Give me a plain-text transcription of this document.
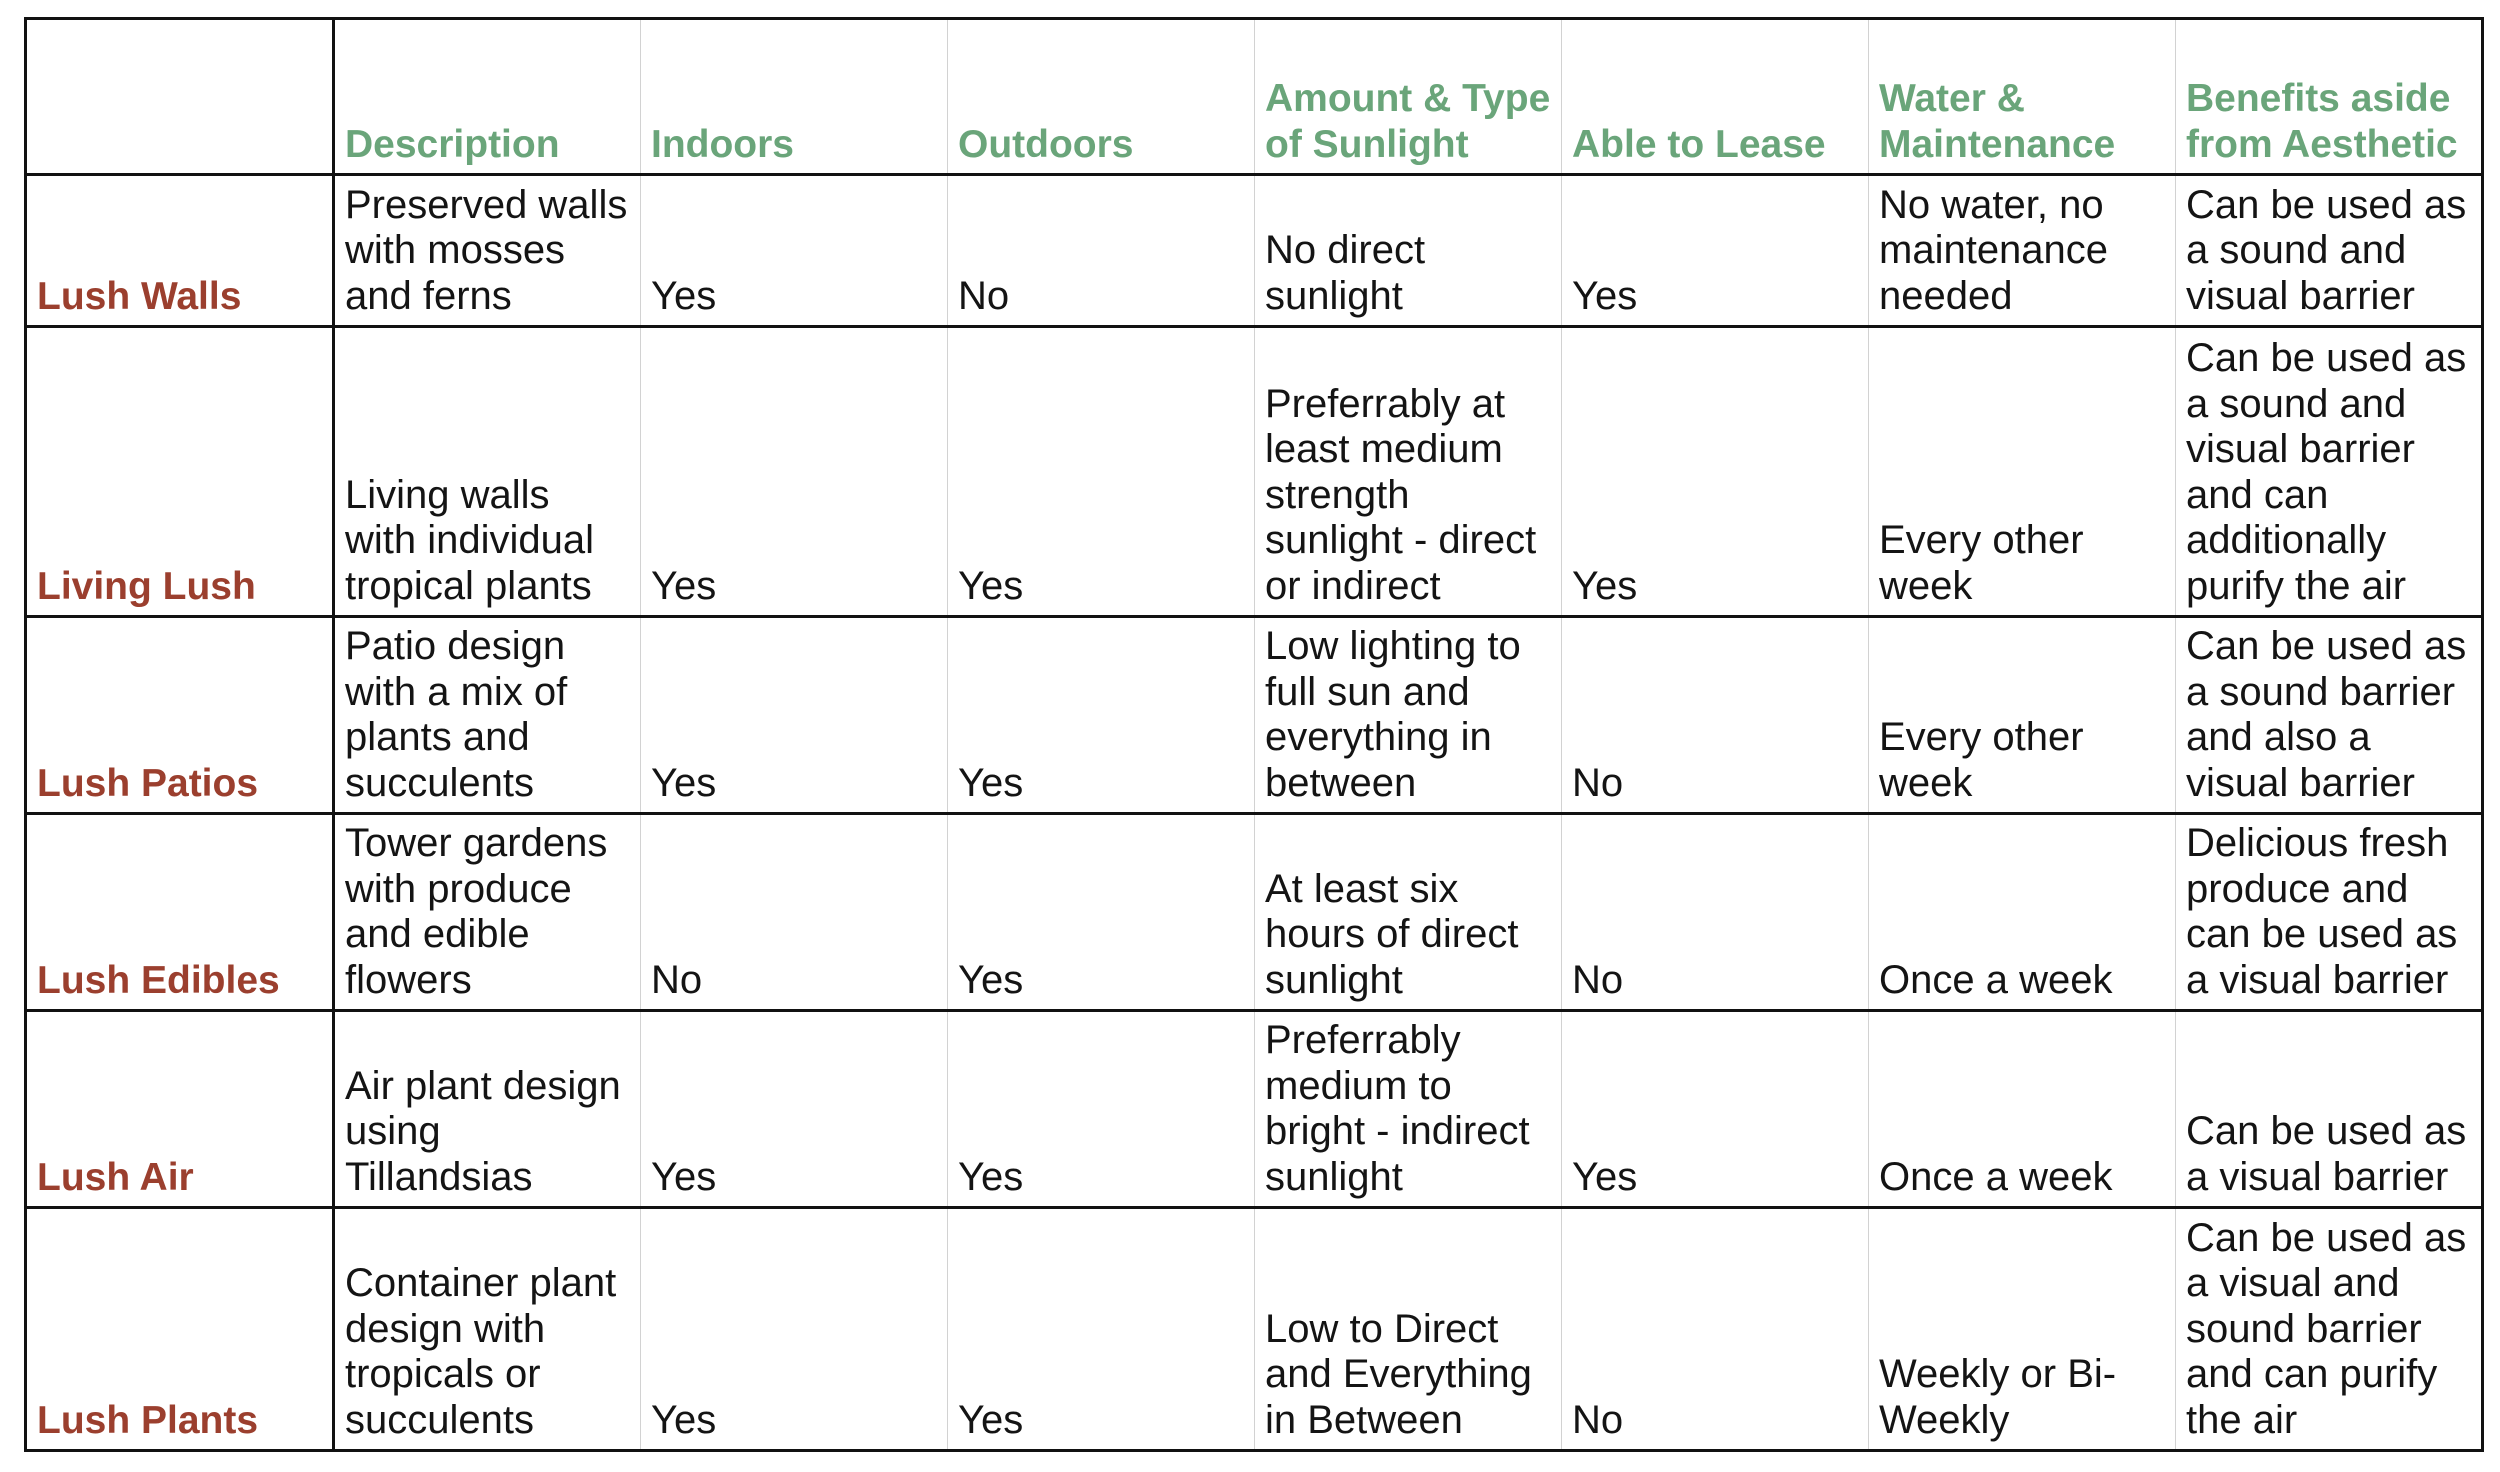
	Description	Indoors	Outdoors	Amount & Type of Sunlight	Able to Lease	Water & Maintenance	Benefits aside from Aesthetic
Lush Walls	Preserved walls with mosses and ferns	Yes	No	No direct sunlight	Yes	No water, no maintenance needed	Can be used as a sound and visual barrier
Living Lush	Living walls with individual tropical plants	Yes	Yes	Preferrably at least medium strength sunlight - direct or indirect	Yes	Every other week	Can be used as a sound and visual barrier and can additionally purify the air
Lush Patios	Patio design with a mix of plants and succulents	Yes	Yes	Low lighting to full sun and everything in between	No	Every other week	Can be used as a sound barrier and also a visual barrier
Lush Edibles	Tower gardens with produce and edible flowers	No	Yes	At least six hours of direct sunlight	No	Once a week	Delicious fresh produce and can be used as a visual barrier
Lush Air	Air plant design using Tillandsias	Yes	Yes	Preferrably medium to bright - indirect sunlight	Yes	Once a week	Can be used as a visual barrier
Lush Plants	Container plant design with tropicals or succulents	Yes	Yes	Low to Direct and Everything in Between	No	Weekly or Bi-Weekly	Can be used as a visual and sound barrier and can purify the air
